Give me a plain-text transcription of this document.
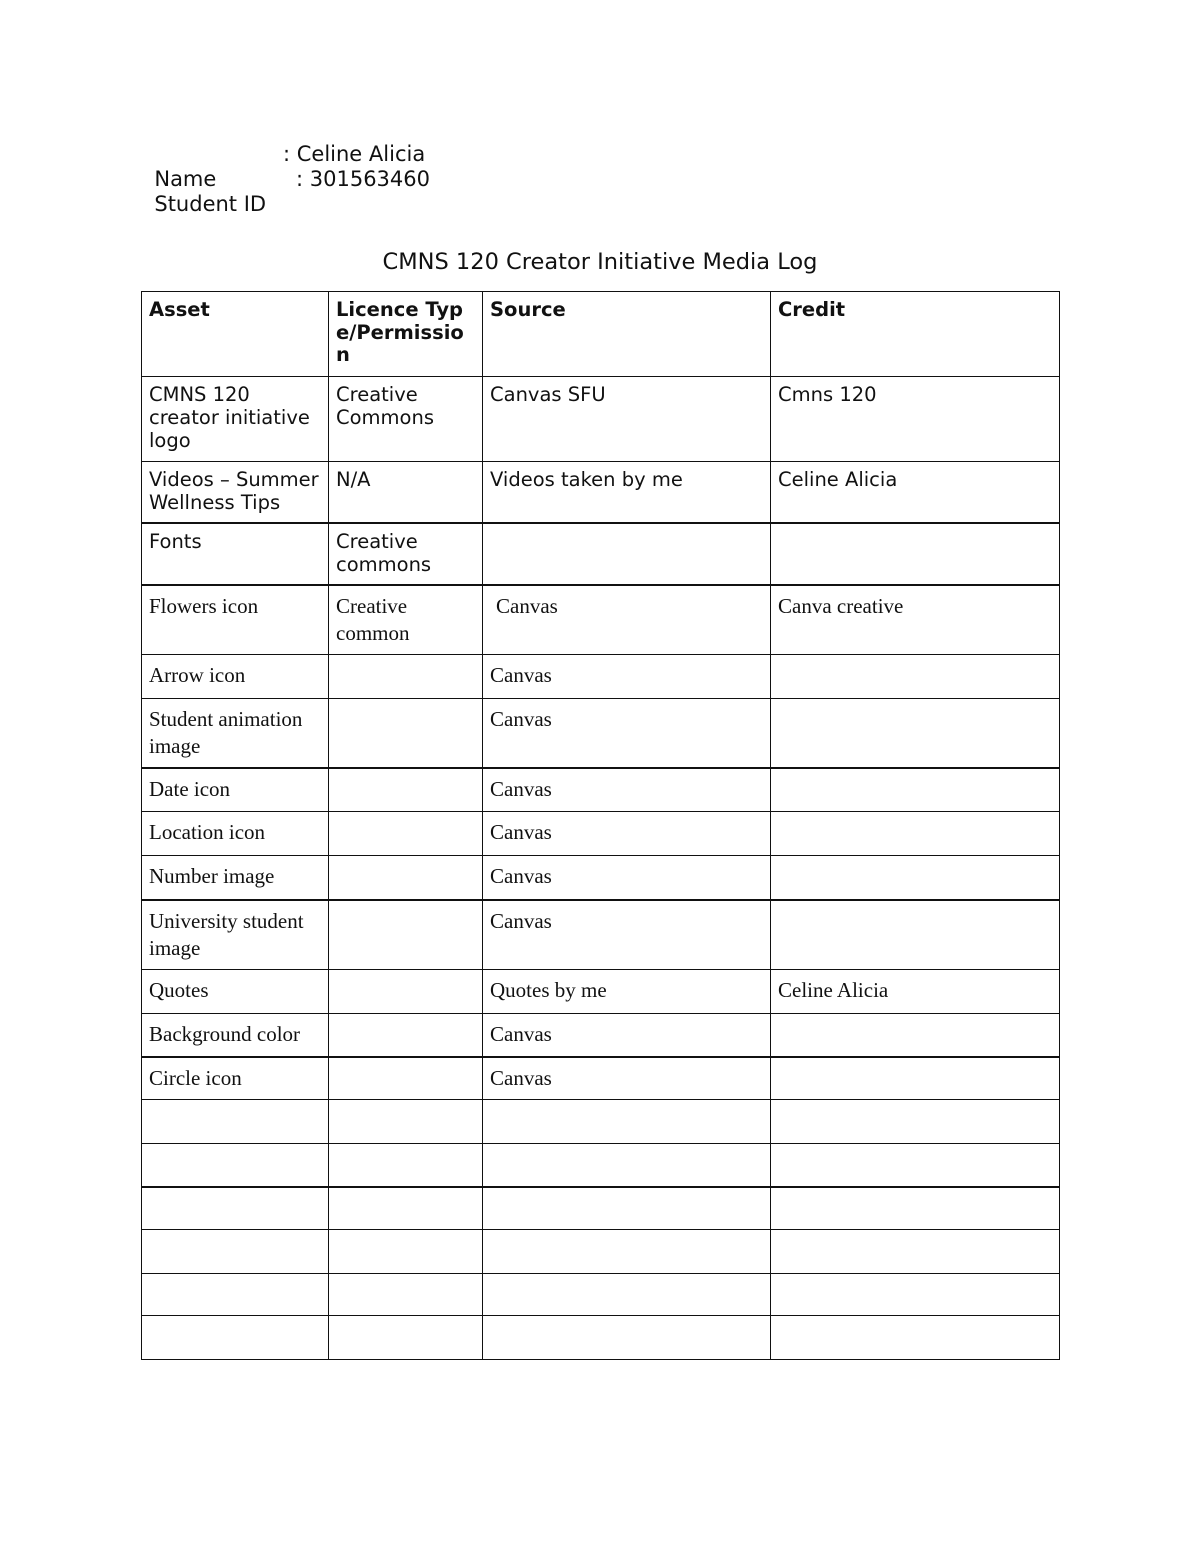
Name
: Celine Alicia

Student ID
: 301563460

CMNS 120 Creator Initiative Media Log
Asset	Licence Type/Permission	Source	Credit
CMNS 120 creator initiative logo	Creative Commons	Canvas SFU	Cmns 120
Videos – Summer Wellness Tips	N/A	Videos taken by me	Celine Alicia
Fonts	Creative commons		
Flowers icon	Creative common	Canvas	Canva creative
Arrow icon		Canvas	
Student animation image		Canvas	
Date icon		Canvas	
Location icon		Canvas	
Number image		Canvas	
University student image		Canvas	
Quotes		Quotes by me	Celine Alicia
Background color		Canvas	
Circle icon		Canvas	
